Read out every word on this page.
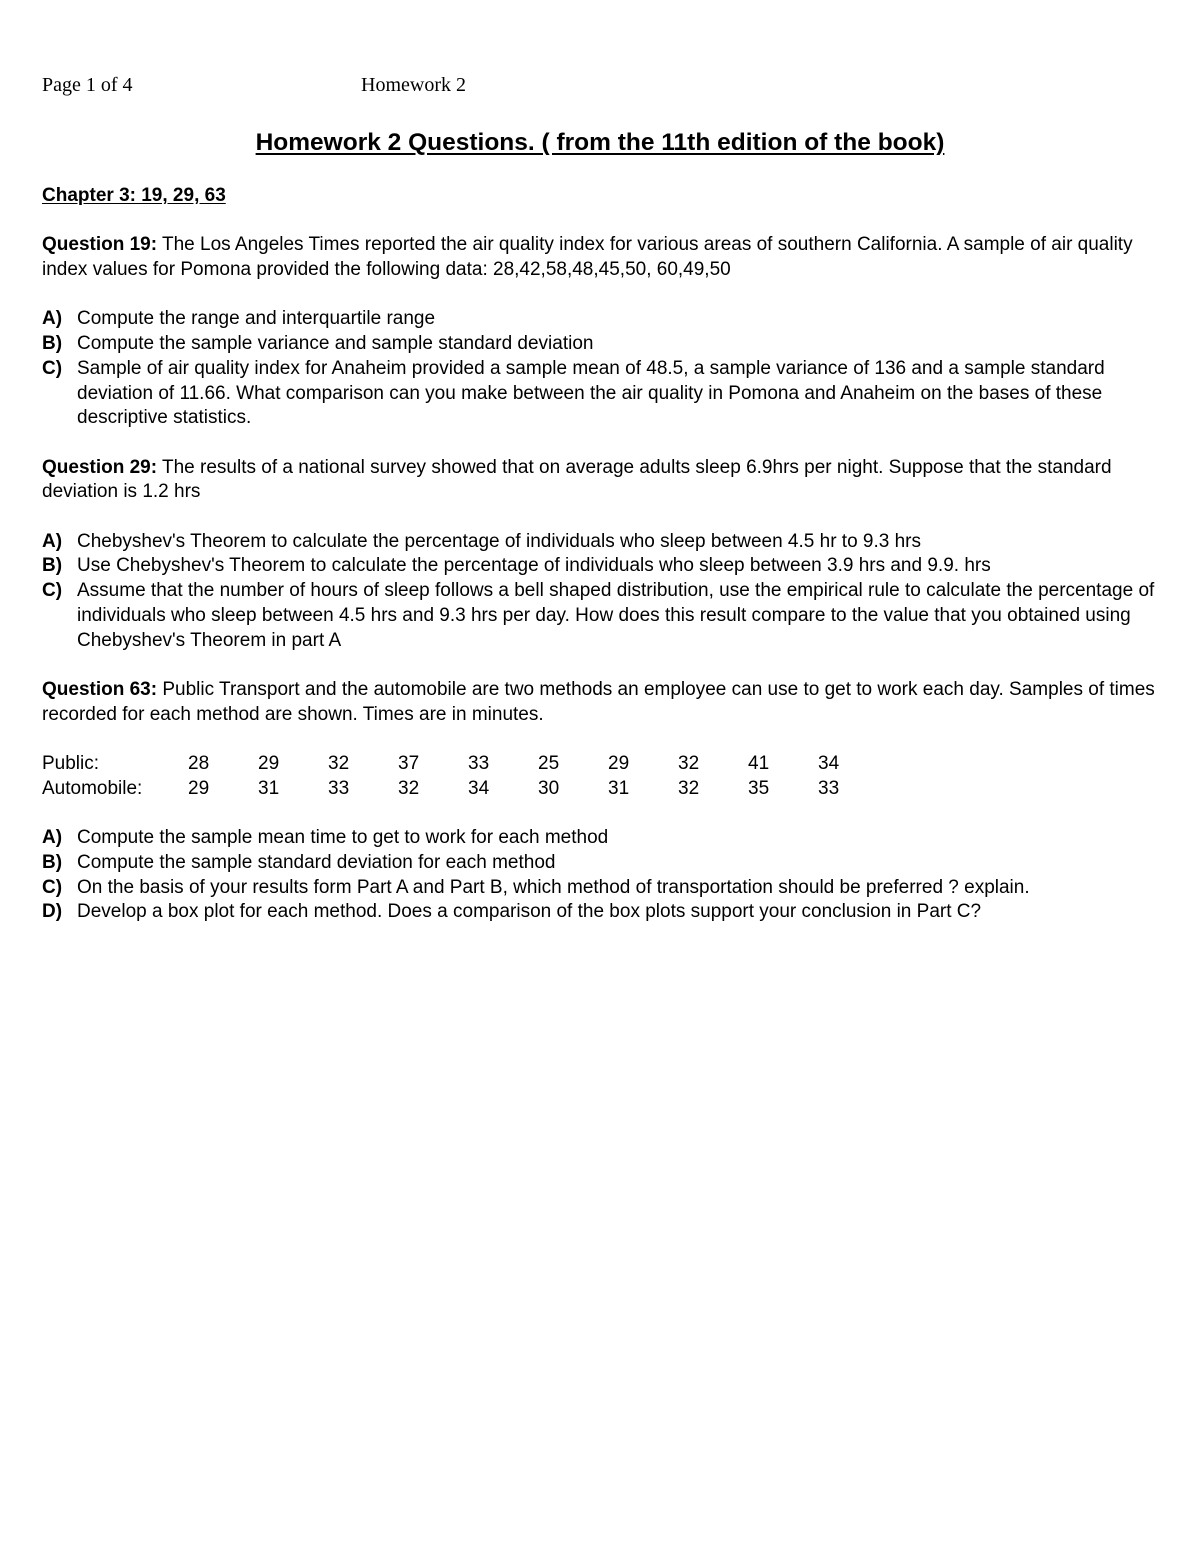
Page 1 of 4	Homework 2
Homework 2 Questions. ( from the 11th edition of the book)

Chapter 3: 19, 29, 63

Question 19: The Los Angeles Times reported the air quality index for various areas of southern California. A sample of air quality index values for Pomona provided the following data: 28,42,58,48,45,50, 60,49,50

A) Compute the range and interquartile range
B) Compute the sample variance and sample standard deviation
C) Sample of air quality index for Anaheim provided a sample mean of 48.5, a sample variance of 136 and a sample standard deviation of 11.66. What comparison can you make between the air quality in Pomona and Anaheim on the bases of these descriptive statistics.

Question 29: The results of a national survey showed that on average adults sleep 6.9hrs per night. Suppose that the standard deviation is 1.2 hrs

A) Chebyshev's Theorem to calculate the percentage of individuals who sleep between 4.5 hr to 9.3 hrs
B) Use Chebyshev's Theorem to calculate the percentage of individuals who sleep between 3.9 hrs and 9.9. hrs
C) Assume that the number of hours of sleep follows a bell shaped distribution, use the empirical rule to calculate the percentage of individuals who sleep between 4.5 hrs and 9.3 hrs per day. How does this result compare to the value that you obtained using Chebyshev's Theorem in part A

Question 63: Public Transport and the automobile are two methods an employee can use to get to work each day. Samples of times recorded for each method are shown. Times are in minutes.

Public:	28	29	32	37	33	25	29	32	41	34
Automobile:	29	31	33	32	34	30	31	32	35	33
A) Compute the sample mean time to get to work for each method
B) Compute the sample standard deviation for each method
C) On the basis of your results form Part A and Part B, which method of transportation should be preferred ? explain.
D) Develop a box plot for each method. Does a comparison of the box plots support your conclusion in Part C?
